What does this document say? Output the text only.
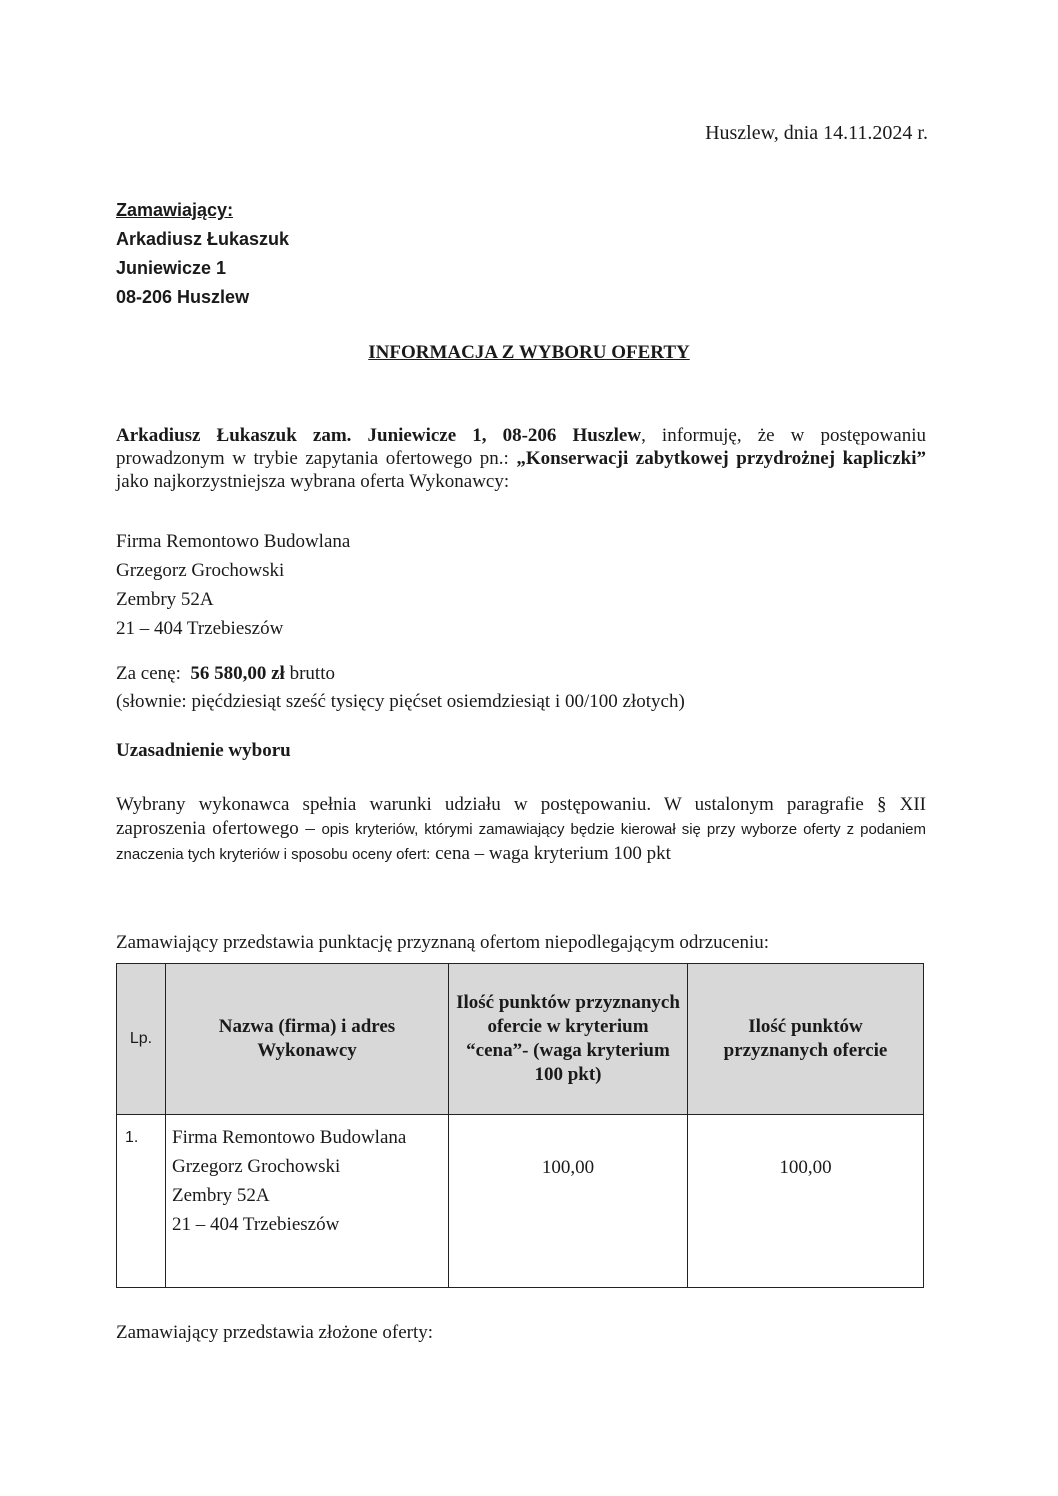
Huszlew, dnia 14.11.2024 r.
Zamawiający:
Arkadiusz Łukaszuk
Juniewicze 1
08-206 Huszlew
INFORMACJA Z WYBORU OFERTY
Arkadiusz Łukaszuk zam. Juniewicze 1, 08-206 Huszlew, informuję, że w postępowaniu prowadzonym w trybie zapytania ofertowego pn.: „Konserwacji zabytkowej przydrożnej kapliczki” jako najkorzystniejsza wybrana oferta Wykonawcy:
Firma Remontowo Budowlana
Grzegorz Grochowski
Zembry 52A
21 – 404 Trzebieszów
Za cenę: 56 580,00 zł brutto
(słownie: pięćdziesiąt sześć tysięcy pięćset osiemdziesiąt i 00/100 złotych)
Uzasadnienie wyboru
Wybrany wykonawca spełnia warunki udziału w postępowaniu. W ustalonym paragrafie § XII zaproszenia ofertowego – opis kryteriów, którymi zamawiający będzie kierował się przy wyborze oferty z podaniem znaczenia tych kryteriów i sposobu oceny ofert: cena – waga kryterium 100 pkt
Zamawiający przedstawia punktację przyznaną ofertom niepodlegającym odrzuceniu:
Lp.	Nazwa (firma) i adres Wykonawcy	Ilość punktów przyznanych ofercie w kryterium “cena”- (waga kryterium 100 pkt)	Ilość punktów przyznanych ofercie
1.	Firma Remontowo Budowlana
Grzegorz Grochowski
Zembry 52A
21 – 404 Trzebieszów	100,00	100,00
Zamawiający przedstawia złożone oferty:
